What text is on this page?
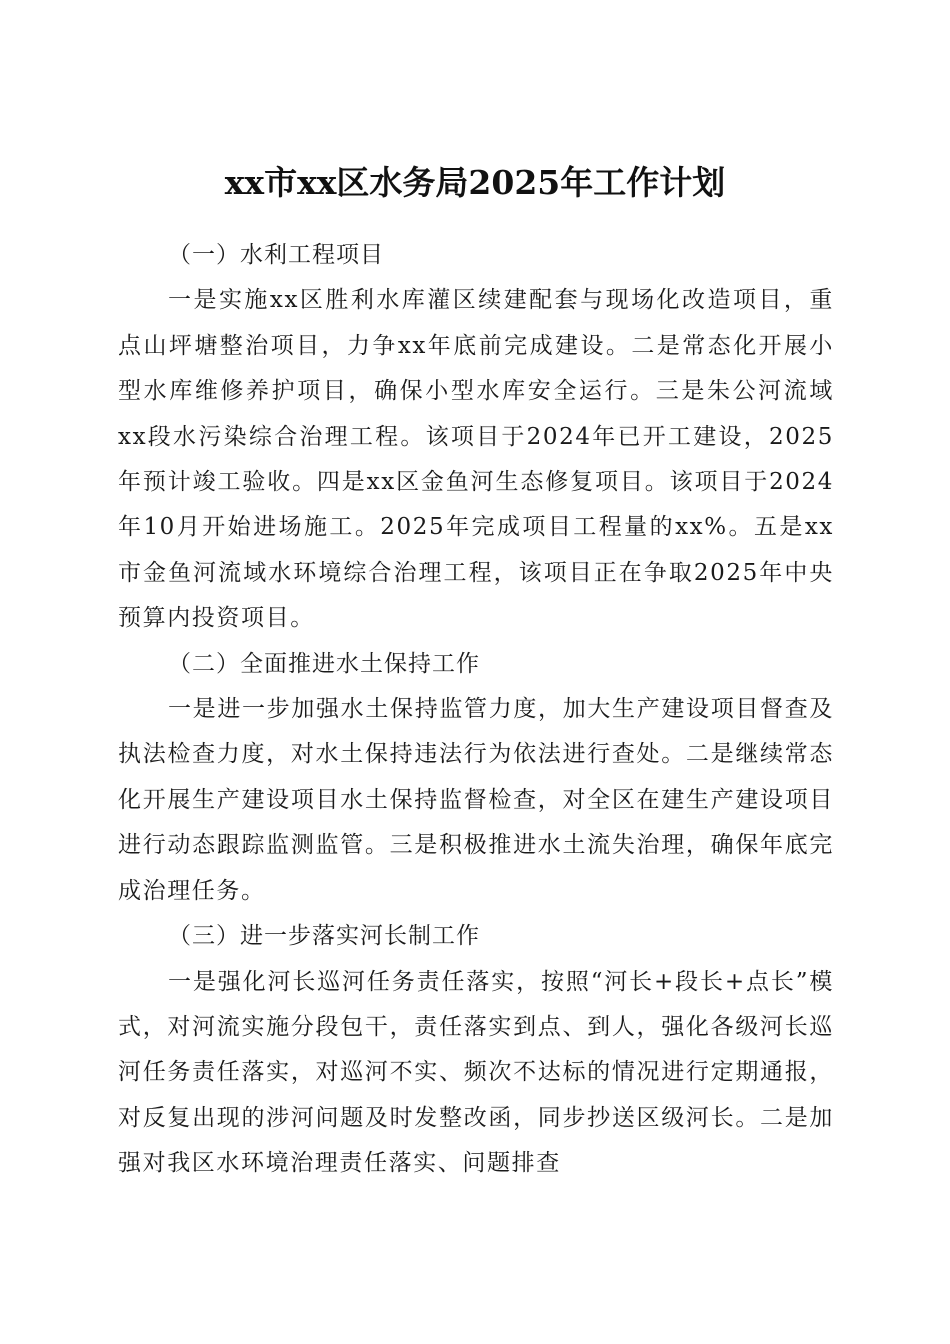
xx市xx区水务局2025年工作计划
（一）水利工程项目

一是实施xx区胜利水库灌区续建配套与现场化改造项目，重点山坪塘整治项目，力争xx年底前完成建设。二是常态化开展小型水库维修养护项目，确保小型水库安全运行。三是朱公河流域xx段水污染综合治理工程。该项目于2024年已开工建设，2025年预计竣工验收。四是xx区金鱼河生态修复项目。该项目于2024年10月开始进场施工。2025年完成项目工程量的xx%。五是xx市金鱼河流域水环境综合治理工程，该项目正在争取2025年中央预算内投资项目。

（二）全面推进水土保持工作

一是进一步加强水土保持监管力度，加大生产建设项目督查及执法检查力度，对水土保持违法行为依法进行查处。二是继续常态化开展生产建设项目水土保持监督检查，对全区在建生产建设项目进行动态跟踪监测监管。三是积极推进水土流失治理，确保年底完成治理任务。

（三）进一步落实河长制工作

一是强化河长巡河任务责任落实，按照“河长+段长+点长”模式，对河流实施分段包干，责任落实到点、到人，强化各级河长巡河任务责任落实，对巡河不实、频次不达标的情况进行定期通报，对反复出现的涉河问题及时发整改函，同步抄送区级河长。二是加强对我区水环境治理责任落实、问题排查
